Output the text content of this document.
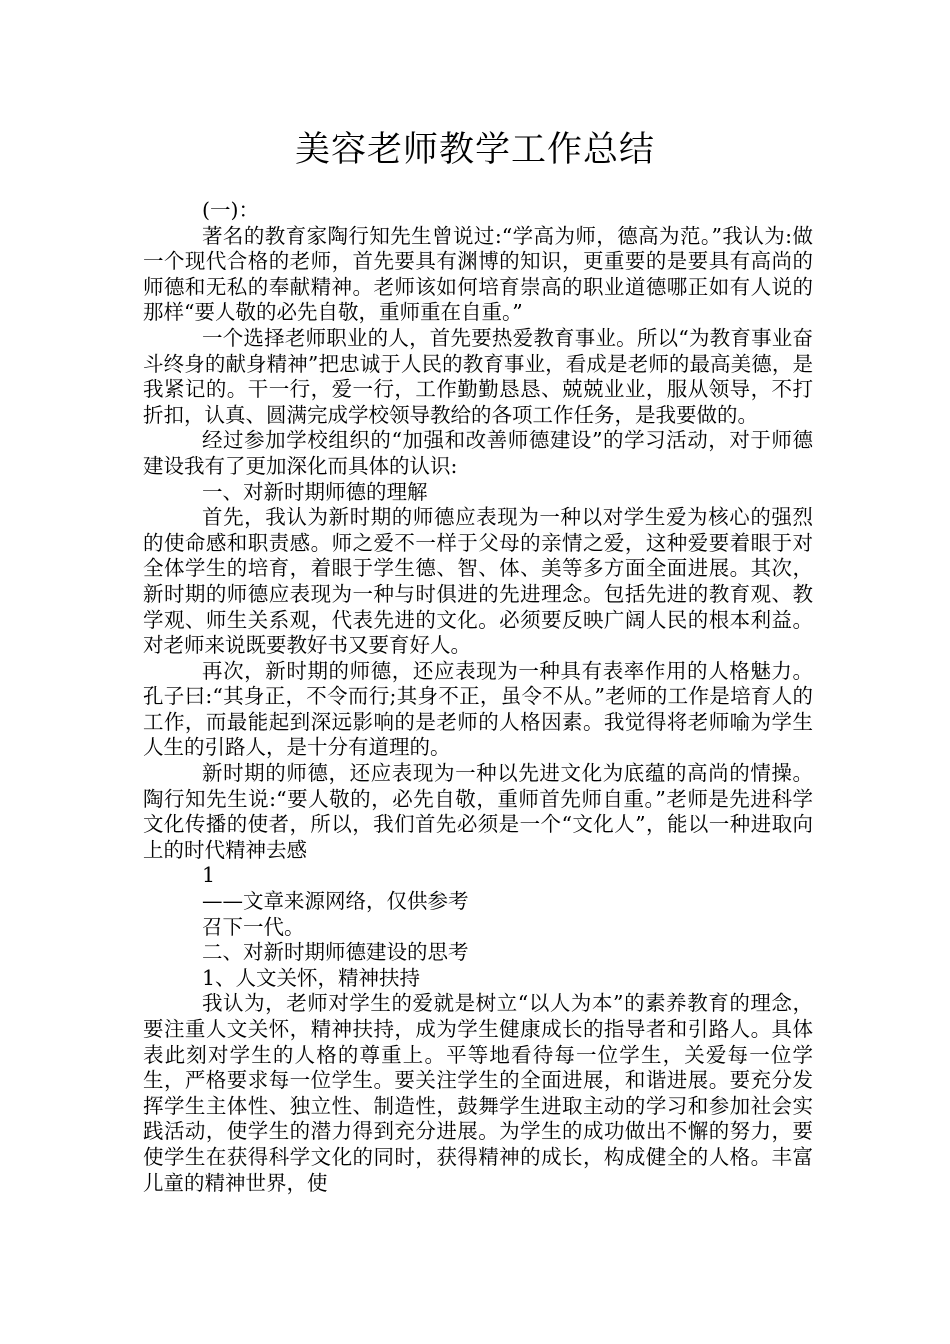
美容老师教学工作总结

(一)：

著名的教育家陶行知先生曾说过:“学高为师，德高为范。”我认为:做一个现代合格的老师，首先要具有渊博的知识，更重要的是要具有高尚的师德和无私的奉献精神。老师该如何培育崇高的职业道德哪正如有人说的那样“要人敬的必先自敬，重师重在自重。”

一个选择老师职业的人，首先要热爱教育事业。所以“为教育事业奋斗终身的献身精神”把忠诚于人民的教育事业，看成是老师的最高美德，是我紧记的。干一行，爱一行，工作勤勤恳恳、兢兢业业，服从领导，不打折扣，认真、圆满完成学校领导教给的各项工作任务，是我要做的。

经过参加学校组织的“加强和改善师德建设”的学习活动，对于师德建设我有了更加深化而具体的认识:

一、对新时期师德的理解

首先，我认为新时期的师德应表现为一种以对学生爱为核心的强烈的使命感和职责感。师之爱不一样于父母的亲情之爱，这种爱要着眼于对全体学生的培育，着眼于学生德、智、体、美等多方面全面进展。其次，新时期的师德应表现为一种与时俱进的先进理念。包括先进的教育观、教学观、师生关系观，代表先进的文化。必须要反映广阔人民的根本利益。对老师来说既要教好书又要育好人。

再次，新时期的师德，还应表现为一种具有表率作用的人格魅力。孔子曰:“其身正，不令而行;其身不正，虽令不从。”老师的工作是培育人的工作，而最能起到深远影响的是老师的人格因素。我觉得将老师喻为学生人生的引路人，是十分有道理的。

新时期的师德，还应表现为一种以先进文化为底蕴的高尚的情操。陶行知先生说:“要人敬的，必先自敬，重师首先师自重。”老师是先进科学文化传播的使者，所以，我们首先必须是一个“文化人”，能以一种进取向上的时代精神去感

1

——文章来源网络，仅供参考

召下一代。

二、对新时期师德建设的思考

1、人文关怀，精神扶持

我认为，老师对学生的爱就是树立“以人为本”的素养教育的理念，要注重人文关怀，精神扶持，成为学生健康成长的指导者和引路人。具体表此刻对学生的人格的尊重上。平等地看待每一位学生，关爱每一位学生，严格要求每一位学生。要关注学生的全面进展，和谐进展。要充分发挥学生主体性、独立性、制造性，鼓舞学生进取主动的学习和参加社会实践活动，使学生的潜力得到充分进展。为学生的成功做出不懈的努力，要使学生在获得科学文化的同时，获得精神的成长，构成健全的人格。丰富儿童的精神世界，使
